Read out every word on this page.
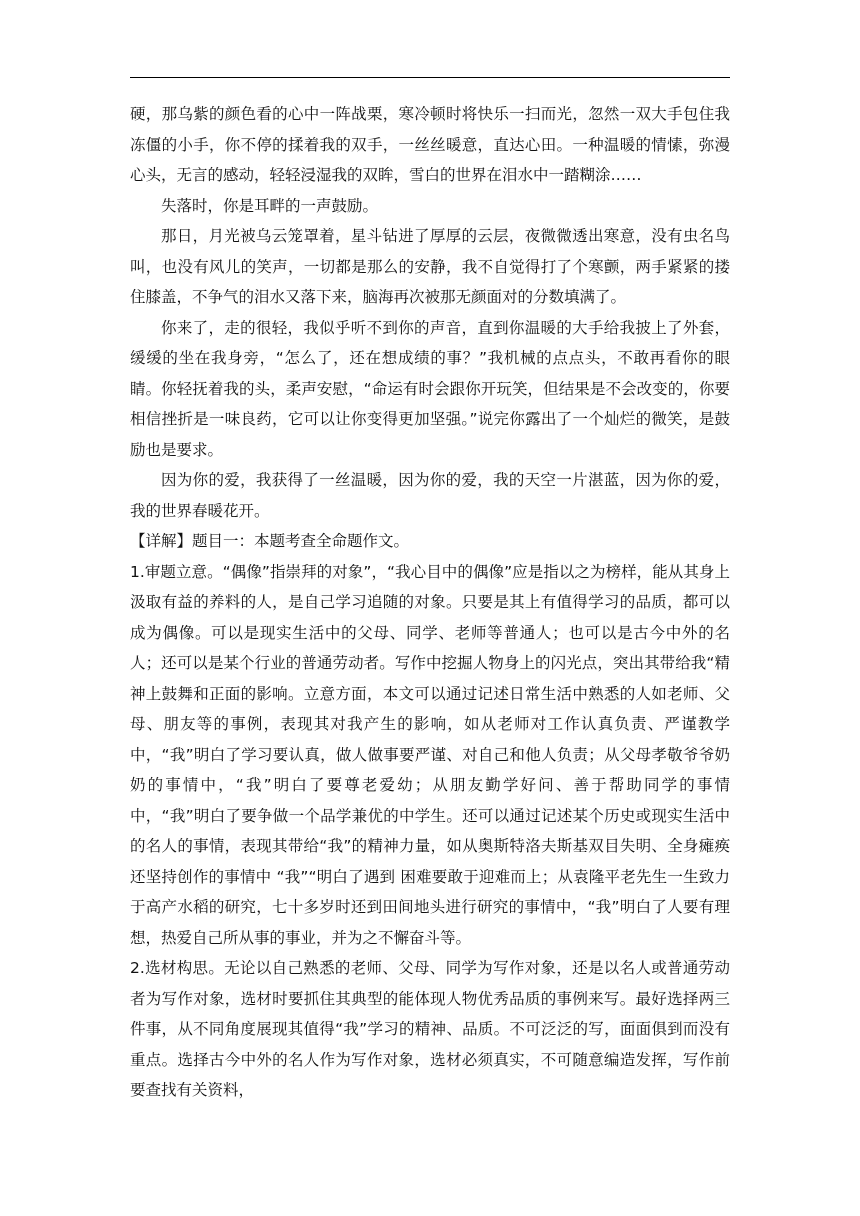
硬，那乌紫的颜色看的心中一阵战栗，寒冷顿时将快乐一扫而光，忽然一双大手包住我冻僵的小手，你不停的揉着我的双手，一丝丝暖意，直达心田。一种温暖的情愫，弥漫心头，无言的感动，轻轻浸湿我的双眸，雪白的世界在泪水中一踏糊涂……

失落时，你是耳畔的一声鼓励。

那日，月光被乌云笼罩着，星斗钻进了厚厚的云层，夜微微透出寒意，没有虫名鸟叫，也没有风儿的笑声，一切都是那么的安静，我不自觉得打了个寒颤，两手紧紧的搂住膝盖，不争气的泪水又落下来，脑海再次被那无颜面对的分数填满了。

你来了，走的很轻，我似乎听不到你的声音，直到你温暖的大手给我披上了外套，缓缓的坐在我身旁，“怎么了，还在想成绩的事？”我机械的点点头，不敢再看你的眼睛。你轻抚着我的头，柔声安慰，“命运有时会跟你开玩笑，但结果是不会改变的，你要相信挫折是一味良药，它可以让你变得更加坚强。”说完你露出了一个灿烂的微笑，是鼓励也是要求。

因为你的爱，我获得了一丝温暖，因为你的爱，我的天空一片湛蓝，因为你的爱，我的世界春暖花开。

【详解】题目一：本题考查全命题作文。

1.审题立意。“偶像”指崇拜的对象”，“我心目中的偶像”应是指以之为榜样，能从其身上汲取有益的养料的人，是自己学习追随的对象。只要是其上有值得学习的品质，都可以成为偶像。可以是现实生活中的父母、同学、老师等普通人；也可以是古今中外的名人；还可以是某个行业的普通劳动者。写作中挖掘人物身上的闪光点，突出其带给我“精神上鼓舞和正面的影响。立意方面，本文可以通过记述日常生活中熟悉的人如老师、父母、朋友等的事例，表现其对我产生的影响，如从老师对工作认真负责、严谨教学中，“我”明白了学习要认真，做人做事要严谨、对自己和他人负责；从父母孝敬爷爷奶奶的事情中，“我”明白了要尊老爱幼；从朋友勤学好问、善于帮助同学的事情中，“我”明白了要争做一个品学兼优的中学生。还可以通过记述某个历史或现实生活中的名人的事情，表现其带给“我”的精神力量，如从奥斯特洛夫斯基双目失明、全身瘫痪还坚持创作的事情中 “我”“明白了遇到 困难要敢于迎难而上；从袁隆平老先生一生致力于高产水稻的研究，七十多岁时还到田间地头进行研究的事情中，“我”明白了人要有理想，热爱自己所从事的事业，并为之不懈奋斗等。

2.选材构思。无论以自己熟悉的老师、父母、同学为写作对象，还是以名人或普通劳动者为写作对象，选材时要抓住其典型的能体现人物优秀品质的事例来写。最好选择两三件事，从不同角度展现其值得“我”学习的精神、品质。不可泛泛的写，面面俱到而没有重点。选择古今中外的名人作为写作对象，选材必须真实，不可随意编造发挥，写作前要查找有关资料，
